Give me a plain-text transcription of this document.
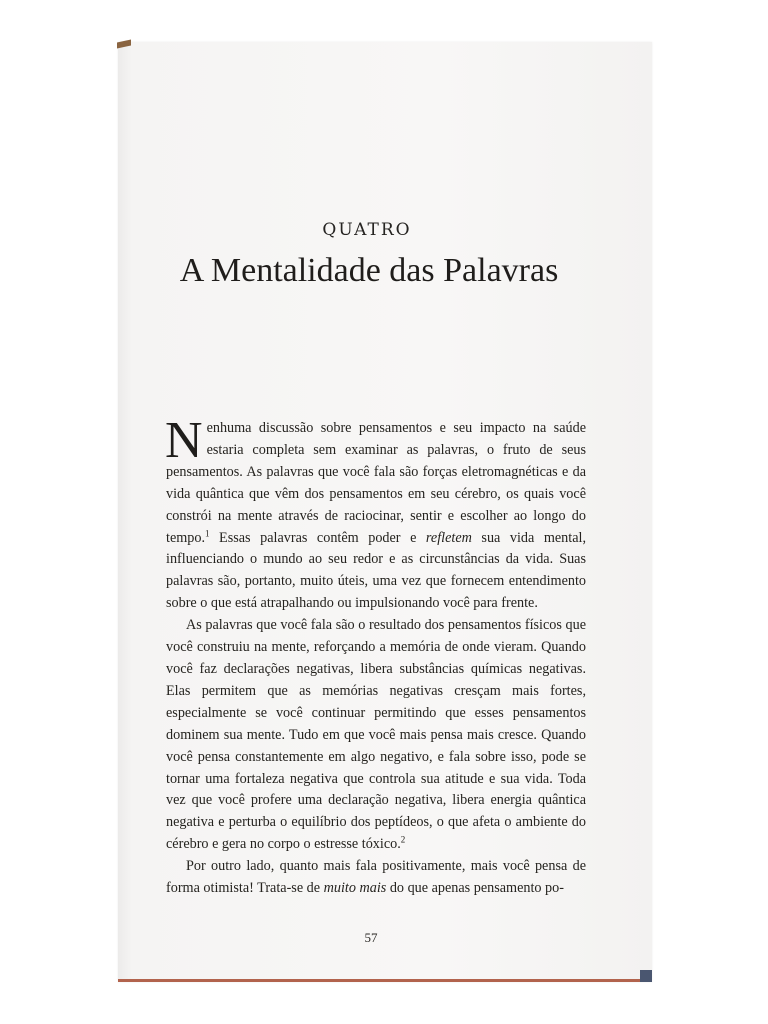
QUATRO
A Mentalidade das Palavras

Nenhuma discussão sobre pensamentos e seu impacto na saúde estaria completa sem examinar as palavras, o fruto de seus pensamentos. As palavras que você fala são forças eletromagnéticas e da vida quântica que vêm dos pensamentos em seu cérebro, os quais você constrói na mente através de raciocinar, sentir e escolher ao longo do tempo.$^1$ Essas palavras contêm poder e refletem sua vida mental, influenciando o mundo ao seu redor e as circunstâncias da vida. Suas palavras são, portanto, muito úteis, uma vez que fornecem entendimento sobre o que está atrapalhando ou impulsionando você para frente.

As palavras que você fala são o resultado dos pensamentos físicos que você construiu na mente, reforçando a memória de onde vieram. Quando você faz declarações negativas, libera substâncias químicas negativas. Elas permitem que as memórias negativas cresçam mais fortes, especialmente se você continuar permitindo que esses pensamentos dominem sua mente. Tudo em que você mais pensa mais cresce. Quando você pensa constantemente em algo negativo, e fala sobre isso, pode se tornar uma fortaleza negativa que controla sua atitude e sua vida. Toda vez que você profere uma declaração negativa, libera energia quântica negativa e perturba o equilíbrio dos peptídeos, o que afeta o ambiente do cérebro e gera no corpo o estresse tóxico.$^2$

Por outro lado, quanto mais fala positivamente, mais você pensa de forma otimista! Trata-se de muito mais do que apenas pensamento po-

57
